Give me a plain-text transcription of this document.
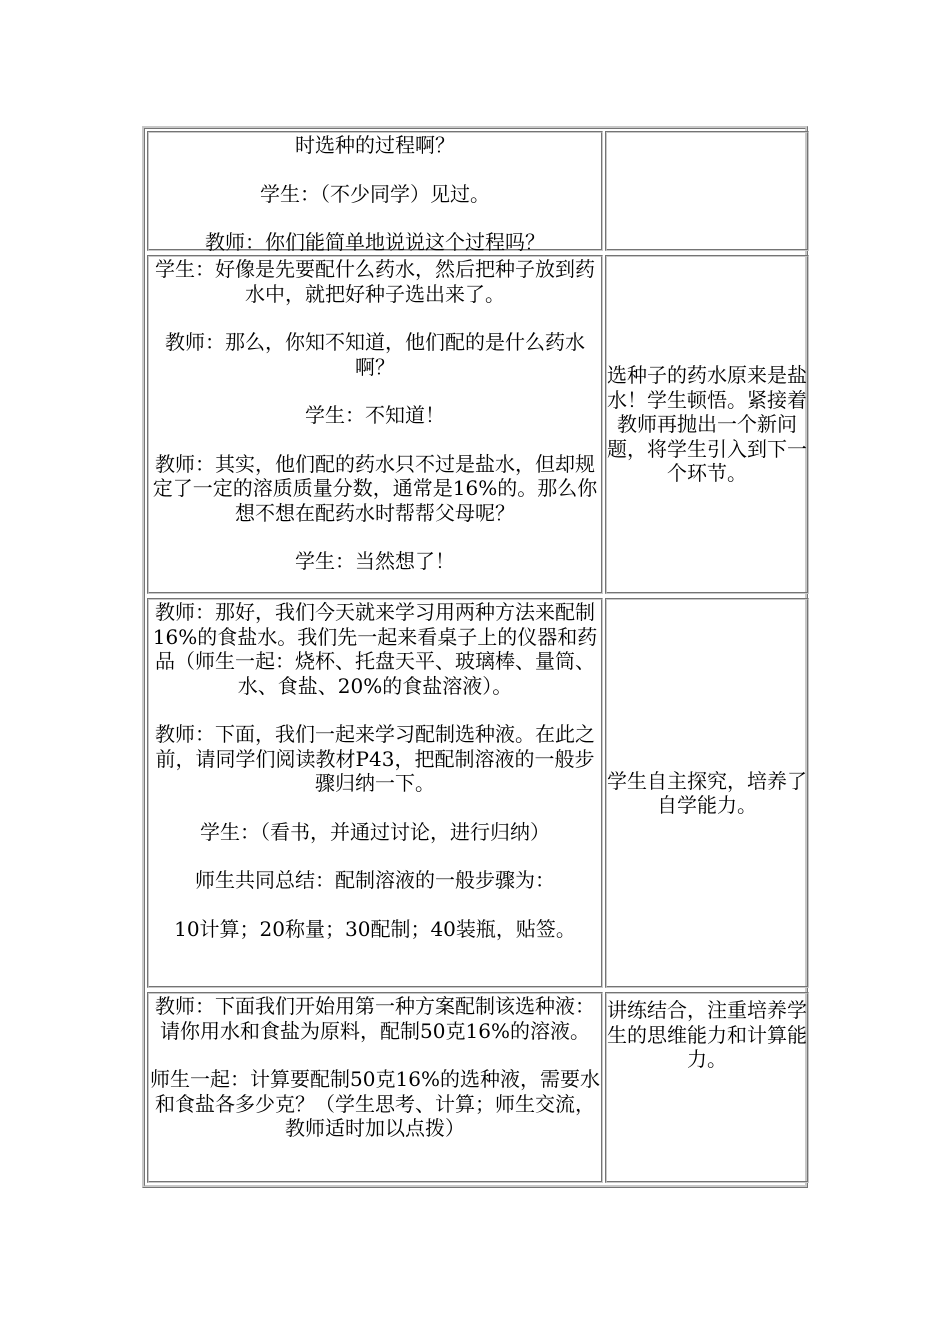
时选种的过程啊？

学生：（不少同学）见过。

教师：你们能简单地说说这个过程吗？

学生：好像是先要配什么药水，然后把种子放到药水中，就把好种子选出来了。

教师：那么，你知不知道，他们配的是什么药水啊？

学生：不知道！

教师：其实，他们配的药水只不过是盐水，但却规定了一定的溶质质量分数，通常是16%的。那么你想不想在配药水时帮帮父母呢？

学生：当然想了！

选种子的药水原来是盐水！学生顿悟。紧接着教师再抛出一个新问题，将学生引入到下一个环节。

教师：那好，我们今天就来学习用两种方法来配制16%的食盐水。我们先一起来看桌子上的仪器和药品（师生一起：烧杯、托盘天平、玻璃棒、量筒、水、食盐、20%的食盐溶液）。

教师：下面，我们一起来学习配制选种液。在此之前，请同学们阅读教材P43，把配制溶液的一般步骤归纳一下。

学生：（看书，并通过讨论，进行归纳）

师生共同总结：配制溶液的一般步骤为：

10计算；20称量；30配制；40装瓶，贴签。

学生自主探究，培养了自学能力。

教师：下面我们开始用第一种方案配制该选种液：请你用水和食盐为原料，配制50克16%的溶液。

师生一起：计算要配制50克16%的选种液，需要水和食盐各多少克？（学生思考、计算；师生交流，教师适时加以点拨）

讲练结合，注重培养学生的思维能力和计算能力。
